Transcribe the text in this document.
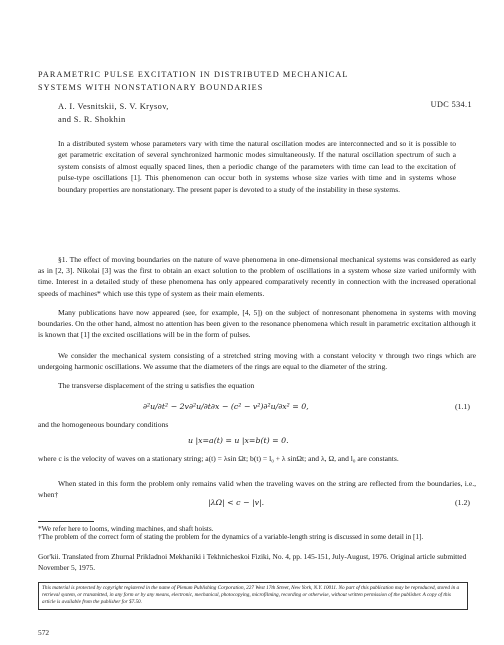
PARAMETRIC PULSE EXCITATION IN DISTRIBUTED MECHANICAL
SYSTEMS WITH NONSTATIONARY BOUNDARIES
A. I. Vesnitskii, S. V. Krysov,
and S. R. Shokhin
UDC 534.1
In a distributed system whose parameters vary with time the natural oscillation modes are interconnected and so it is possible to get parametric excitation of several synchronized harmonic modes simultaneously. If the natural oscillation spectrum of such a system consists of almost equally spaced lines, then a periodic change of the parameters with time can lead to the excitation of pulse-type oscillations [1]. This phenomenon can occur both in systems whose size varies with time and in systems whose boundary properties are nonstationary. The present paper is devoted to a study of the instability in these systems.
§1. The effect of moving boundaries on the nature of wave phenomena in one-dimensional mechanical systems was considered as early as in [2, 3]. Nikolai [3] was the first to obtain an exact solution to the problem of oscillations in a system whose size varied uniformly with time. Interest in a detailed study of these phenomena has only appeared comparatively recently in connection with the increased operational speeds of machines* which use this type of system as their main elements.
Many publications have now appeared (see, for example, [4, 5]) on the subject of nonresonant phenomena in systems with moving boundaries. On the other hand, almost no attention has been given to the resonance phenomena which result in parametric excitation although it is known that [1] the excited oscillations will be in the form of pulses.
We consider the mechanical system consisting of a stretched string moving with a constant velocity v through two rings which are undergoing harmonic oscillations. We assume that the diameters of the rings are equal to the diameter of the string.
The transverse displacement of the string u satisfies the equation
∂²u/∂t² − 2v∂²u/∂t∂x − (c² − v²)∂²u/∂x² = 0,	(1.1)
and the homogeneous boundary conditions
u |x=a(t) = u |x=b(t) = 0.
where c is the velocity of waves on a stationary string; a(t) = λsin Ωt; b(t) = l₀ + λ sinΩt; and λ, Ω, and l₀ are constants.
When stated in this form the problem only remains valid when the traveling waves on the string are reflected from the boundaries, i.e., when†
|λΩ| < c − |v|.	(1.2)
*We refer here to looms, winding machines, and shaft hoists.
†The problem of the correct form of stating the problem for the dynamics of a variable-length string is discussed in some detail in [1].
Gor'kii. Translated from Zhurnal Prikladnoi Mekhaniki i Tekhnicheskoi Fiziki, No. 4, pp. 145-151, July-August, 1976. Original article submitted November 5, 1975.
This material is protected by copyright registered in the name of Plenum Publishing Corporation, 227 West 17th Street, New York, N.Y. 10011. No part of this publication may be reproduced, stored in a retrieval system, or transmitted, in any form or by any means, electronic, mechanical, photocopying, microfilming, recording or otherwise, without written permission of the publisher. A copy of this article is available from the publisher for $7.50.
572
